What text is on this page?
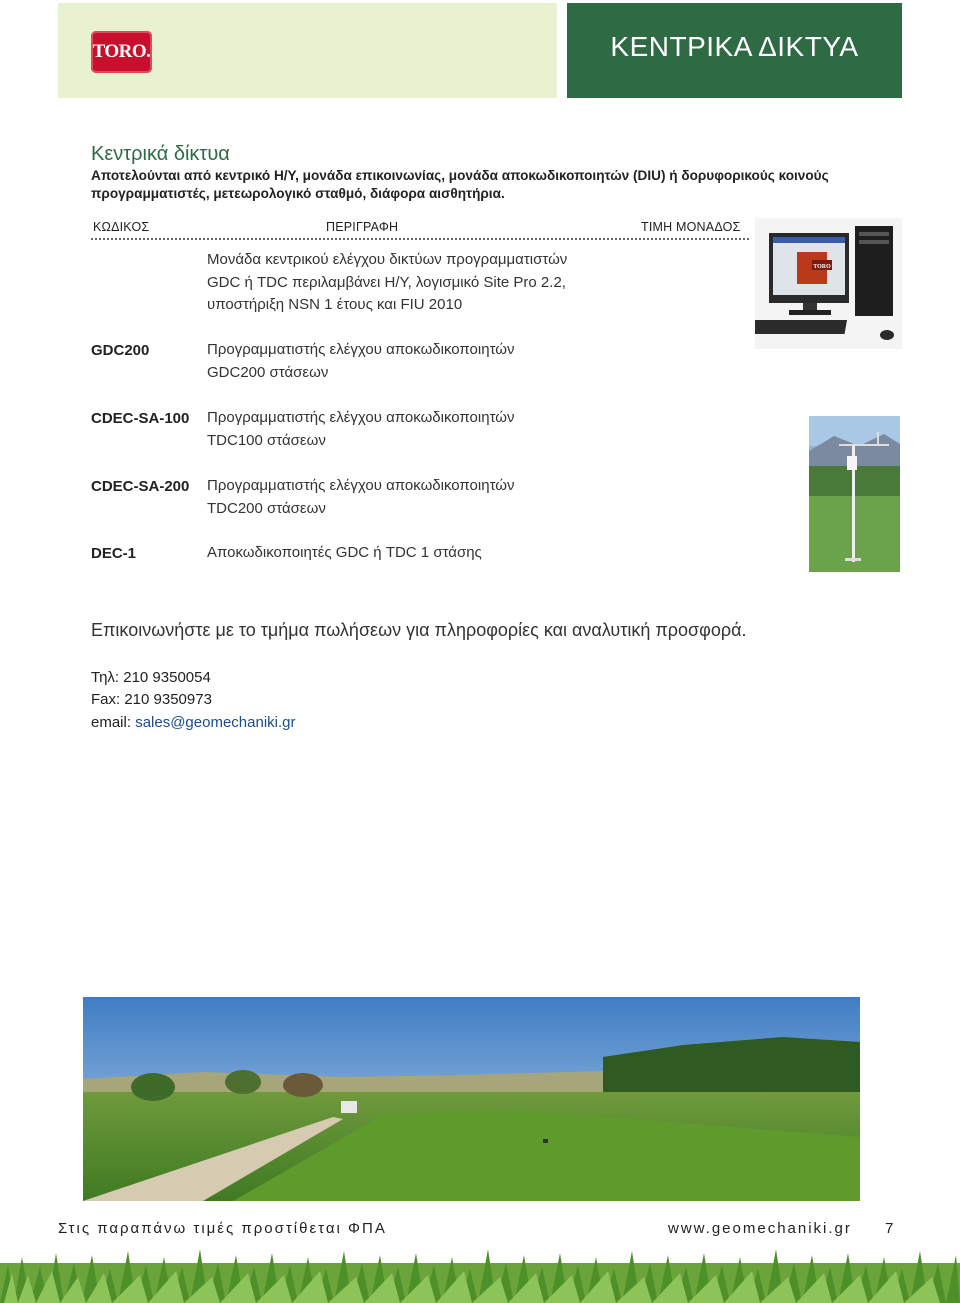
TORO.	ΚΕΝΤΡΙΚΑ ΔΙΚΤΥΑ
Κεντρικά δίκτυα
Αποτελούνται από κεντρικό Η/Υ, μονάδα επικοινωνίας, μονάδα αποκωδικοποιητών (DIU) ή δορυφορικούς κοινούς προγραμματιστές, μετεωρολογικό σταθμό, διάφορα αισθητήρια.
ΚΩΔΙΚΟΣ	ΠΕΡΙΓΡΑΦΗ	ΤΙΜΗ ΜΟΝΑΔΟΣ
Μονάδα κεντρικού ελέγχου δικτύων προγραμματιστών
GDC ή TDC περιλαμβάνει Η/Υ, λογισμικό Site Pro 2.2,
υποστήριξη NSN 1 έτους και FIU 2010
GDC200	Προγραμματιστής ελέγχου αποκωδικοποιητών
GDC200 στάσεων
CDEC-SA-100 Προγραμματιστής ελέγχου αποκωδικοποιητών
TDC100 στάσεων
CDEC-SA-200 Προγραμματιστής ελέγχου αποκωδικοποιητών
TDC200 στάσεων
DEC-1	Αποκωδικοποιητές GDC ή TDC 1 στάσης
TORO
Επικοινωνήστε με το τμήμα πωλήσεων για πληροφορίες και αναλυτική προσφορά.
Τηλ: 210 9350054
Fax: 210 9350973
email: sales@geomechaniki.gr
Στις παραπάνω τιμές προστίθεται ΦΠΑ	www.geomechaniki.gr 7
